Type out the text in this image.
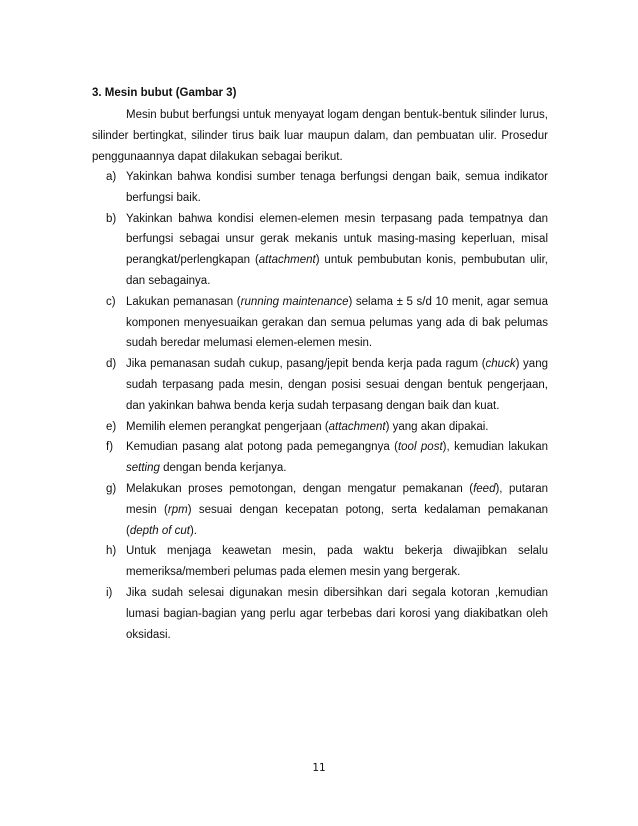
3. Mesin bubut (Gambar 3)
Mesin bubut berfungsi untuk menyayat logam dengan bentuk-bentuk silinder lurus, silinder bertingkat, silinder tirus baik luar maupun dalam, dan pembuatan ulir. Prosedur penggunaannya dapat dilakukan sebagai berikut.
a) Yakinkan bahwa kondisi sumber tenaga berfungsi dengan baik, semua indikator berfungsi baik.
b) Yakinkan bahwa kondisi elemen-elemen mesin terpasang pada tempatnya dan berfungsi sebagai unsur gerak mekanis untuk masing-masing keperluan, misal perangkat/perlengkapan (attachment) untuk pembubutan konis, pembubutan ulir, dan sebagainya.
c) Lakukan pemanasan (running maintenance) selama ± 5 s/d 10 menit, agar semua komponen menyesuaikan gerakan dan semua pelumas yang ada di bak pelumas sudah beredar melumasi elemen-elemen mesin.
d) Jika pemanasan sudah cukup, pasang/jepit benda kerja pada ragum (chuck) yang sudah terpasang pada mesin, dengan posisi sesuai dengan bentuk pengerjaan, dan yakinkan bahwa benda kerja sudah terpasang dengan baik dan kuat.
e) Memilih elemen perangkat pengerjaan (attachment) yang akan dipakai.
f) Kemudian pasang alat potong pada pemegangnya (tool post), kemudian lakukan setting dengan benda kerjanya.
g) Melakukan proses pemotongan, dengan mengatur pemakanan (feed), putaran mesin (rpm) sesuai dengan kecepatan potong, serta kedalaman pemakanan (depth of cut).
h) Untuk menjaga keawetan mesin, pada waktu bekerja diwajibkan selalu memeriksa/memberi pelumas pada elemen mesin yang bergerak.
i) Jika sudah selesai digunakan mesin dibersihkan dari segala kotoran ,kemudian lumasi bagian-bagian yang perlu agar terbebas dari korosi yang diakibatkan oleh oksidasi.
11
